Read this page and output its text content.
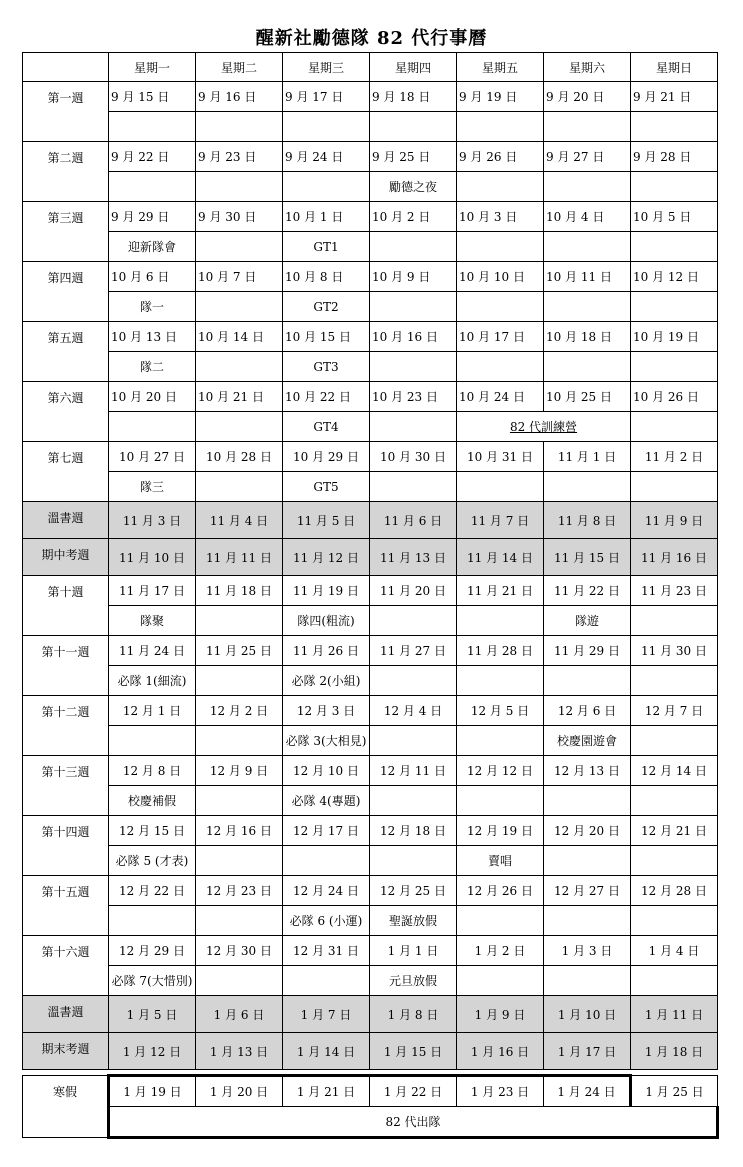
醒新社勵德隊 82 代行事曆
	星期一	星期二	星期三	星期四	星期五	星期六	星期日
第一週	9 月 15 日	9 月 16 日	9 月 17 日	9 月 18 日	9 月 19 日	9 月 20 日	9 月 21 日

第二週	9 月 22 日	9 月 23 日	9 月 24 日	9 月 25 日	9 月 26 日	9 月 27 日	9 月 28 日
				勵德之夜			
第三週	9 月 29 日	9 月 30 日	10 月 1 日	10 月 2 日	10 月 3 日	10 月 4 日	10 月 5 日
	迎新隊會		GT1				
第四週	10 月 6 日	10 月 7 日	10 月 8 日	10 月 9 日	10 月 10 日	10 月 11 日	10 月 12 日
	隊一		GT2				
第五週	10 月 13 日	10 月 14 日	10 月 15 日	10 月 16 日	10 月 17 日	10 月 18 日	10 月 19 日
	隊二		GT3				
第六週	10 月 20 日	10 月 21 日	10 月 22 日	10 月 23 日	10 月 24 日	10 月 25 日	10 月 26 日
			GT4		82 代訓練營		
第七週	10 月 27 日	10 月 28 日	10 月 29 日	10 月 30 日	10 月 31 日	11 月 1 日	11 月 2 日
	隊三		GT5				
溫書週	11 月 3 日	11 月 4 日	11 月 5 日	11 月 6 日	11 月 7 日	11 月 8 日	11 月 9 日
期中考週	11 月 10 日	11 月 11 日	11 月 12 日	11 月 13 日	11 月 14 日	11 月 15 日	11 月 16 日
第十週	11 月 17 日	11 月 18 日	11 月 19 日	11 月 20 日	11 月 21 日	11 月 22 日	11 月 23 日
	隊聚		隊四(粗流)			隊遊	
第十一週	11 月 24 日	11 月 25 日	11 月 26 日	11 月 27 日	11 月 28 日	11 月 29 日	11 月 30 日
	必隊 1(細流)		必隊 2(小組)				
第十二週	12 月 1 日	12 月 2 日	12 月 3 日	12 月 4 日	12 月 5 日	12 月 6 日	12 月 7 日
			必隊 3(大相見)			校慶園遊會	
第十三週	12 月 8 日	12 月 9 日	12 月 10 日	12 月 11 日	12 月 12 日	12 月 13 日	12 月 14 日
	校慶補假		必隊 4(專題)				
第十四週	12 月 15 日	12 月 16 日	12 月 17 日	12 月 18 日	12 月 19 日	12 月 20 日	12 月 21 日
	必隊 5 (才表)				賣唱		
第十五週	12 月 22 日	12 月 23 日	12 月 24 日	12 月 25 日	12 月 26 日	12 月 27 日	12 月 28 日
			必隊 6 (小運)	聖誕放假			
第十六週	12 月 29 日	12 月 30 日	12 月 31 日	1 月 1 日	1 月 2 日	1 月 3 日	1 月 4 日
	必隊 7(大惜別)			元旦放假			
溫書週	1 月 5 日	1 月 6 日	1 月 7 日	1 月 8 日	1 月 9 日	1 月 10 日	1 月 11 日
期末考週	1 月 12 日	1 月 13 日	1 月 14 日	1 月 15 日	1 月 16 日	1 月 17 日	1 月 18 日

寒假	1 月 19 日	1 月 20 日	1 月 21 日	1 月 22 日	1 月 23 日	1 月 24 日	1 月 25 日
	82 代出隊						
